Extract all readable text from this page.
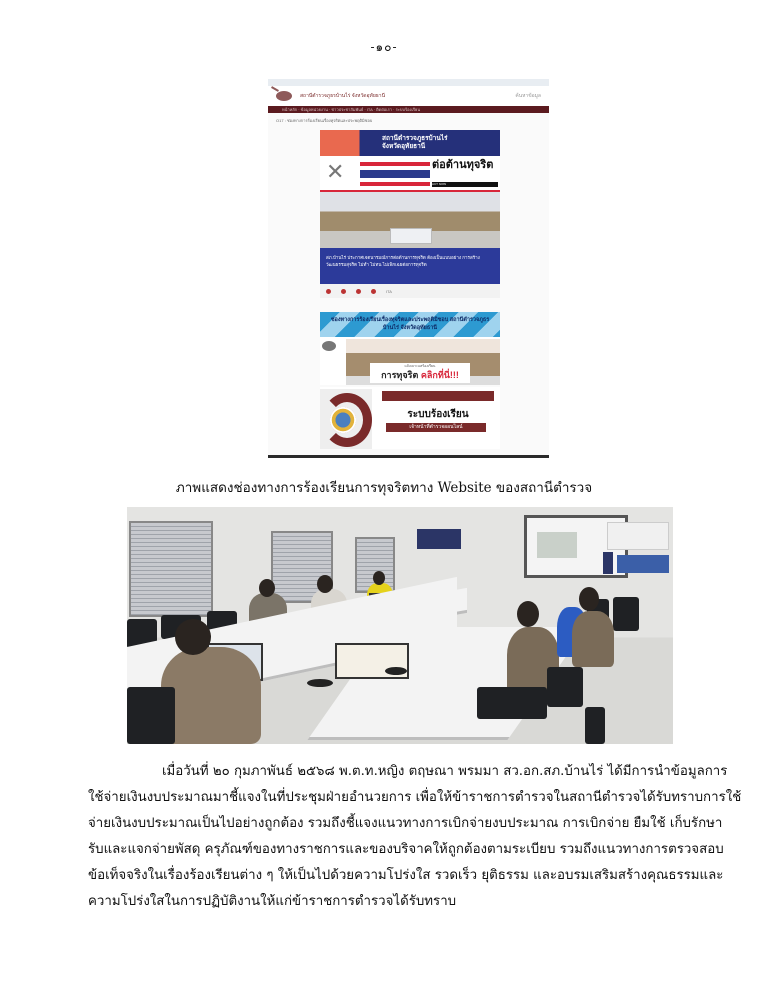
-๑๐-
สถานีตำรวจภูธรบ้านไร่ จังหวัดอุทัยธานี	ค้นหาข้อมูล
หน้าหลัก · ข้อมูลหน่วยงาน · ข่าวประชาสัมพันธ์ · ITA · ติดต่อเรา · ระบบร้องเรียน
O17 : ช่องทางการร้องเรียนเรื่องทุจริตและประพฤติมิชอบ
สถานีตำรวจภูธรบ้านไร่
จังหวัดอุทัยธานี
✕	ต่อต้านทุจริต
ACT NOW
สภ.บ้านไร่ ประกาศเจตนารมณ์การต่อต้านการทุจริต ต้องเป็นแบบอย่าง การสร้างวัฒนธรรมสุจริต ไม่ทำ ไม่ทน ไม่เพิกเฉยต่อการทุจริต
ITA
ช่องทางการร้องเรียนเรื่องทุจริตและประพฤติมิชอบ สถานีตำรวจภูธรบ้านไร่ จังหวัดอุทัยธานี
แจ้งเบาะแสร้องเรียน
การทุจริต คลิกที่นี่!!!
ระบบร้องเรียน
เจ้าหน้าที่ตำรวจออนไลน์
ภาพแสดงช่องทางการร้องเรียนการทุจริตทาง Website ของสถานีตำรวจ
เมื่อวันที่ ๒๐ กุมภาพันธ์ ๒๕๖๘ พ.ต.ท.หญิง ตฤษณา พรมมา สว.อก.สภ.บ้านไร่ ได้มีการนำข้อมูลการ
ใช้จ่ายเงินงบประมาณมาชี้แจงในที่ประชุมฝ่ายอำนวยการ เพื่อให้ข้าราชการตำรวจในสถานีตำรวจได้รับทราบการใช้
จ่ายเงินงบประมาณเป็นไปอย่างถูกต้อง รวมถึงชี้แจงแนวทางการเบิกจ่ายงบประมาณ การเบิกจ่าย ยืมใช้ เก็บรักษา
รับและแจกจ่ายพัสดุ ครุภัณฑ์ของทางราชการและของบริจาคให้ถูกต้องตามระเบียบ รวมถึงแนวทางการตรวจสอบ
ข้อเท็จจริงในเรื่องร้องเรียนต่าง ๆ ให้เป็นไปด้วยความโปร่งใส รวดเร็ว ยุติธรรม และอบรมเสริมสร้างคุณธรรมและ
ความโปร่งใสในการปฏิบัติงานให้แก่ข้าราชการตำรวจได้รับทราบ
